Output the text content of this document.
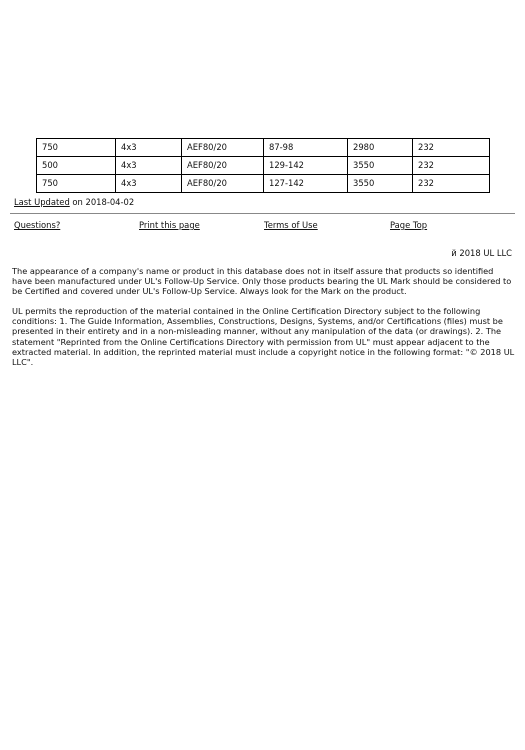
750	4x3	AEF80/20	87-98	2980	232
500	4x3	AEF80/20	129-142	3550	232
750	4x3	AEF80/20	127-142	3550	232
Last Updated on 2018-04-02
Questions?	Print this page	Terms of Use	Page Top
й 2018 UL LLC

The appearance of a company's name or product in this database does not in itself assure that products so identified have been manufactured under UL's Follow-Up Service. Only those products bearing the UL Mark should be considered to be Certified and covered under UL's Follow-Up Service. Always look for the Mark on the product.

UL permits the reproduction of the material contained in the Online Certification Directory subject to the following conditions: 1. The Guide Information, Assemblies, Constructions, Designs, Systems, and/or Certifications (files) must be presented in their entirety and in a non-misleading manner, without any manipulation of the data (or drawings). 2. The statement "Reprinted from the Online Certifications Directory with permission from UL" must appear adjacent to the extracted material. In addition, the reprinted material must include a copyright notice in the following format: "© 2018 UL LLC".
